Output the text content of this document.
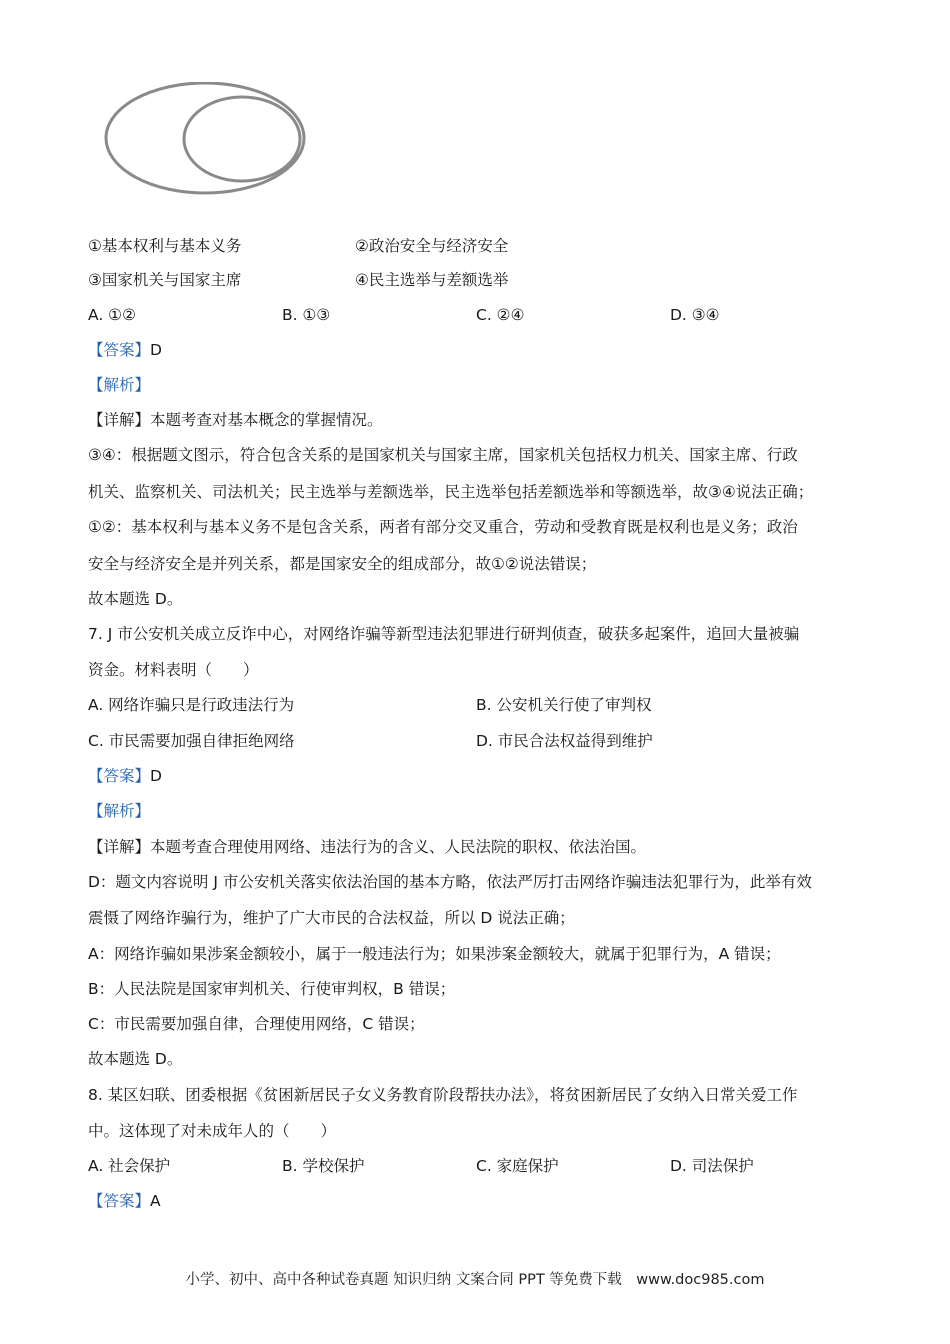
①基本权利与基本义务	②政治安全与经济安全
③国家机关与国家主席	④民主选举与差额选举
A. ①②	B. ①③	C. ②④	D. ③④
【答案】D
【解析】
【详解】本题考查对基本概念的掌握情况。
③④：根据题文图示，符合包含关系的是国家机关与国家主席，国家机关包括权力机关、国家主席、行政
机关、监察机关、司法机关；民主选举与差额选举，民主选举包括差额选举和等额选举，故③④说法正确；
①②：基本权利与基本义务不是包含关系，两者有部分交叉重合，劳动和受教育既是权利也是义务；政治
安全与经济安全是并列关系，都是国家安全的组成部分，故①②说法错误；
故本题选 D。
7. J 市公安机关成立反诈中心，对网络诈骗等新型违法犯罪进行研判侦查，破获多起案件，追回大量被骗
资金。材料表明（　　）
A. 网络诈骗只是行政违法行为	B. 公安机关行使了审判权
C. 市民需要加强自律拒绝网络	D. 市民合法权益得到维护
【答案】D
【解析】
【详解】本题考查合理使用网络、违法行为的含义、人民法院的职权、依法治国。
D：题文内容说明 J 市公安机关落实依法治国的基本方略，依法严厉打击网络诈骗违法犯罪行为，此举有效
震慑了网络诈骗行为，维护了广大市民的合法权益，所以 D 说法正确；
A：网络诈骗如果涉案金额较小，属于一般违法行为；如果涉案金额较大，就属于犯罪行为，A 错误；
B：人民法院是国家审判机关、行使审判权，B 错误；
C：市民需要加强自律，合理使用网络，C 错误；
故本题选 D。
8. 某区妇联、团委根据《贫困新居民子女义务教育阶段帮扶办法》，将贫困新居民了女纳入日常关爱工作
中。这体现了对未成年人的（　　）
A. 社会保护	B. 学校保护	C. 家庭保护	D. 司法保护
【答案】A
小学、初中、高中各种试卷真题 知识归纳 文案合同 PPT 等免费下载　www.doc985.com
